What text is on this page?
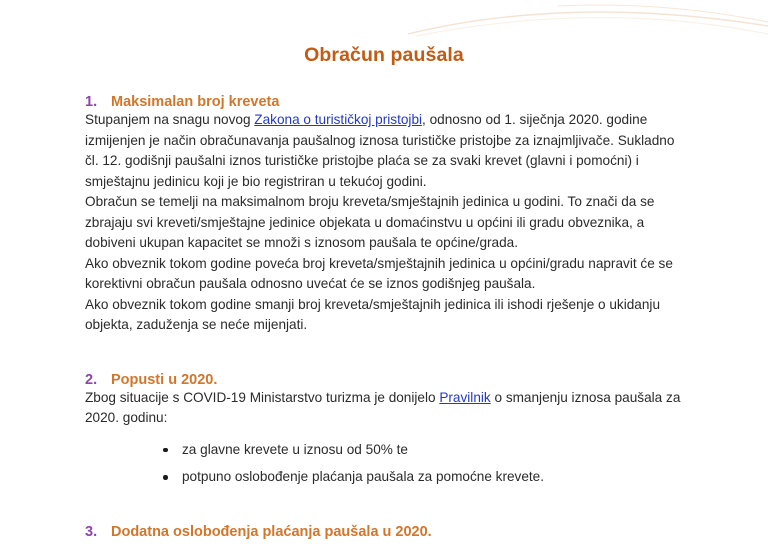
Obračun paušala
1. Maksimalan broj kreveta

Stupanjem na snagu novog Zakona o turističkoj pristojbi, odnosno od 1. siječnja 2020. godine izmijenjen je način obračunavanja paušalnog iznosa turističke pristojbe za iznajmljivače. Sukladno čl. 12. godišnji paušalni iznos turističke pristojbe plaća se za svaki krevet (glavni i pomoćni) i smještajnu jedinicu koji je bio registriran u tekućoj godini.

Obračun se temelji na maksimalnom broju kreveta/smještajnih jedinica u godini. To znači da se zbrajaju svi kreveti/smještajne jedinice objekata u domaćinstvu u općini ili gradu obveznika, a dobiveni ukupan kapacitet se množi s iznosom paušala te općine/grada.

Ako obveznik tokom godine poveća broj kreveta/smještajnih jedinica u općini/gradu napravit će se korektivni obračun paušala odnosno uvećat će se iznos godišnjeg paušala.

Ako obveznik tokom godine smanji broj kreveta/smještajnih jedinica ili ishodi rješenje o ukidanju objekta, zaduženja se neće mijenjati.

2. Popusti u 2020.

Zbog situacije s COVID-19 Ministarstvo turizma je donijelo Pravilnik o smanjenju iznosa paušala za 2020. godinu:

za glavne krevete u iznosu od 50% te
potpuno oslobođenje plaćanja paušala za pomoćne krevete.
3. Dodatna oslobođenja plaćanja paušala u 2020.
